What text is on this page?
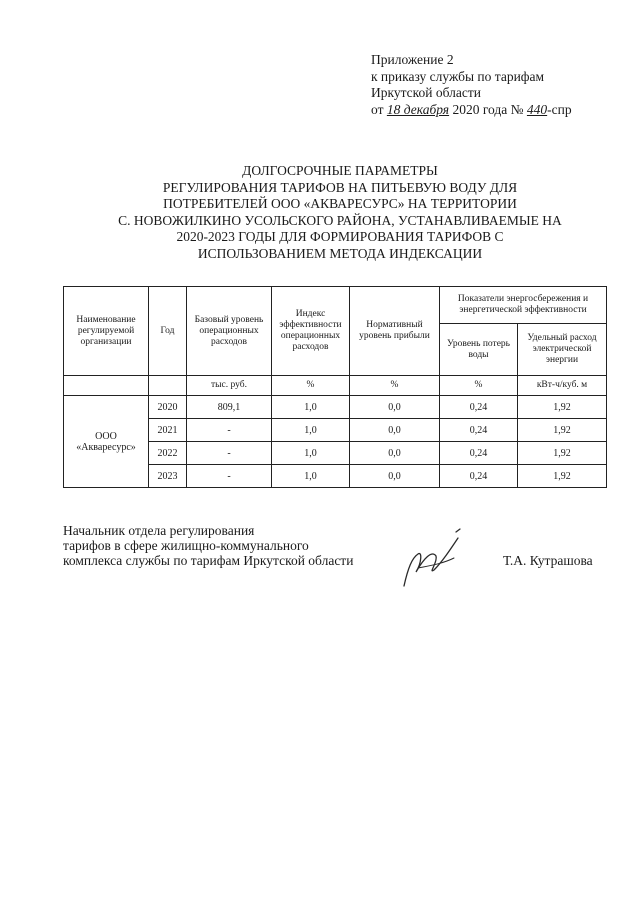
Приложение 2
к приказу службы по тарифам
Иркутской области
от 18 декабря 2020 года № 440-спр
ДОЛГОСРОЧНЫЕ ПАРАМЕТРЫ
РЕГУЛИРОВАНИЯ ТАРИФОВ НА ПИТЬЕВУЮ ВОДУ ДЛЯ
ПОТРЕБИТЕЛЕЙ ООО «АКВАРЕСУРС» НА ТЕРРИТОРИИ
С. НОВОЖИЛКИНО УСОЛЬСКОГО РАЙОНА, УСТАНАВЛИВАЕМЫЕ НА
2020-2023 ГОДЫ ДЛЯ ФОРМИРОВАНИЯ ТАРИФОВ С
ИСПОЛЬЗОВАНИЕМ МЕТОДА ИНДЕКСАЦИИ
Наименование регулируемой организации	Год	Базовый уровень операционных расходов	Индекс эффективности операционных расходов	Нормативный уровень прибыли	Показатели энергосбережения и энергетической эффективности	
					Уровень потерь воды	Удельный расход электрической энергии
		тыс. руб.	%	%	%	кВт-ч/куб. м
ООО «Акваресурс»	2020	809,1	1,0	0,0	0,24	1,92
	2021	-	1,0	0,0	0,24	1,92
	2022	-	1,0	0,0	0,24	1,92
	2023	-	1,0	0,0	0,24	1,92
Начальник отдела регулирования
тарифов в сфере жилищно-коммунального
комплекса службы по тарифам Иркутской области	Т.А. Кутрашова
